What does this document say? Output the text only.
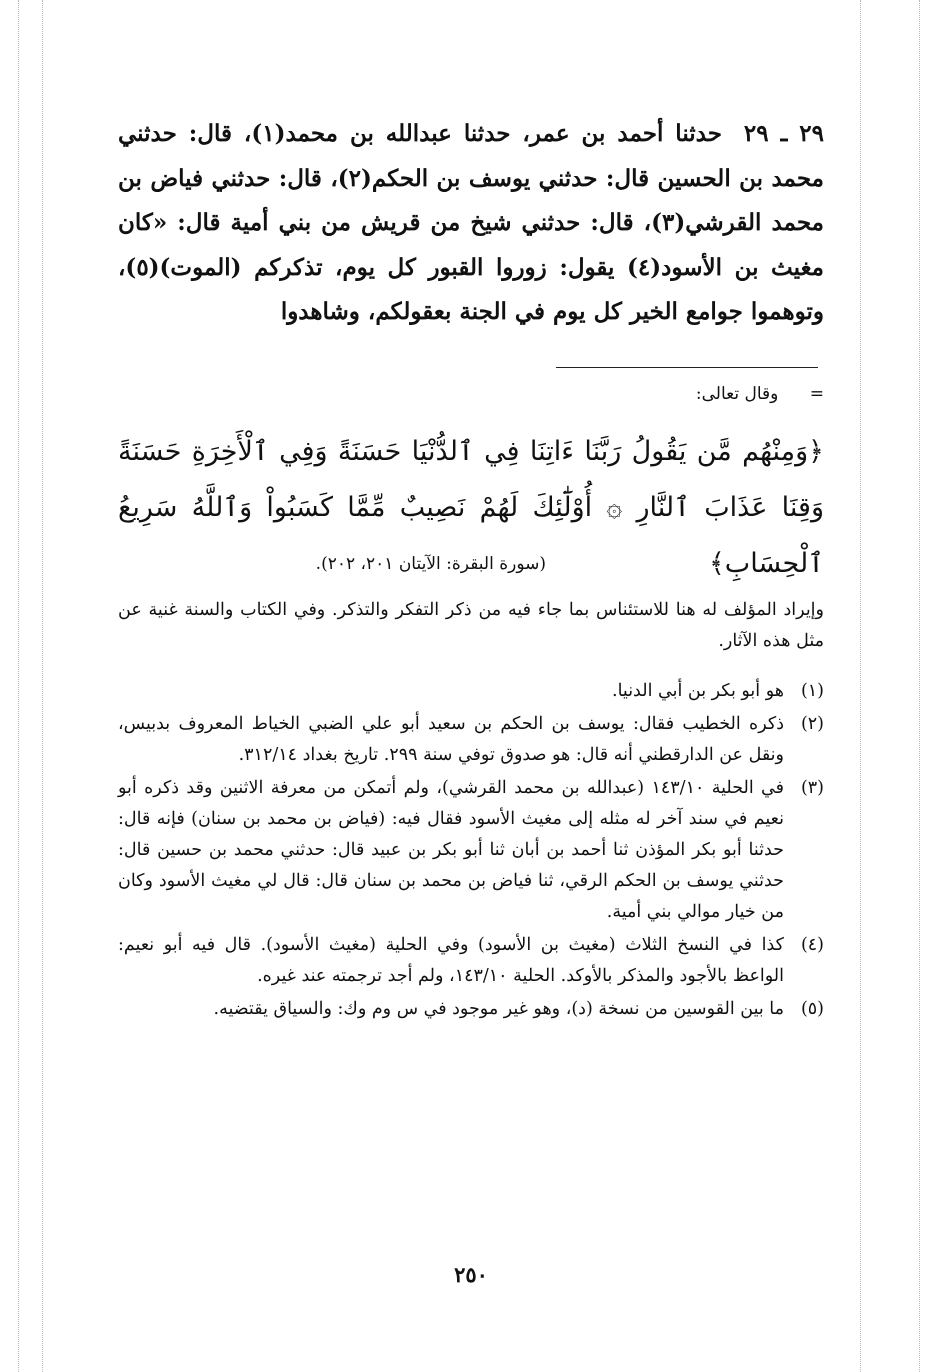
٢٩ ـ ٢٩ حدثنا أحمد بن عمر، حدثنا عبدالله بن محمد(١)، قال: حدثني محمد بن الحسين قال: حدثني يوسف بن الحكم(٢)، قال: حدثني فياض بن محمد القرشي(٣)، قال: حدثني شيخ من قريش من بني أمية قال: «كان مغيث بن الأسود(٤) يقول: زوروا القبور كل يوم، تذكركم (الموت)(٥)، وتوهموا جوامع الخير كل يوم في الجنة بعقولكم، وشاهدوا

= وقال تعالى:
﴿وَمِنْهُم مَّن يَقُولُ رَبَّنَا ءَاتِنَا فِي ٱلدُّنْيَا حَسَنَةً وَفِي ٱلْأَخِرَةِ حَسَنَةً
وَقِنَا عَذَابَ ٱلنَّارِ ۞ أُوْلَٰٓئِكَ لَهُمْ نَصِيبٌ مِّمَّا كَسَبُواْ وَٱللَّهُ سَرِيعُ ٱلْحِسَابِ﴾
(سورة البقرة: الآيتان ٢٠١، ٢٠٢).
وإيراد المؤلف له هنا للاستئناس بما جاء فيه من ذكر التفكر والتذكر. وفي الكتاب والسنة غنية عن مثل هذه الآثار.
(١)
هو أبو بكر بن أبي الدنيا.
(٢)
ذكره الخطيب فقال: يوسف بن الحكم بن سعيد أبو علي الضبي الخياط المعروف بدبيس، ونقل عن الدارقطني أنه قال: هو صدوق توفي سنة ٢٩٩. تاريخ بغداد ٣١٢/١٤.
(٣)
في الحلية ١٤٣/١٠ (عبدالله بن محمد القرشي)، ولم أتمكن من معرفة الاثنين وقد ذكره أبو نعيم في سند آخر له مثله إلى مغيث الأسود فقال فيه: (فياض بن محمد بن سنان) فإنه قال: حدثنا أبو بكر المؤذن ثنا أحمد بن أبان ثنا أبو بكر بن عبيد قال: حدثني محمد بن حسين قال: حدثني يوسف بن الحكم الرقي، ثنا فياض بن محمد بن سنان قال: قال لي مغيث الأسود وكان من خيار موالي بني أمية.
(٤)
كذا في النسخ الثلاث (مغيث بن الأسود) وفي الحلية (مغيث الأسود). قال فيه أبو نعيم: الواعظ بالأجود والمذكر بالأوكد. الحلية ١٤٣/١٠، ولم أجد ترجمته عند غيره.
(٥)
ما بين القوسين من نسخة (د)، وهو غير موجود في س وم وك: والسياق يقتضيه.
٢٥٠
